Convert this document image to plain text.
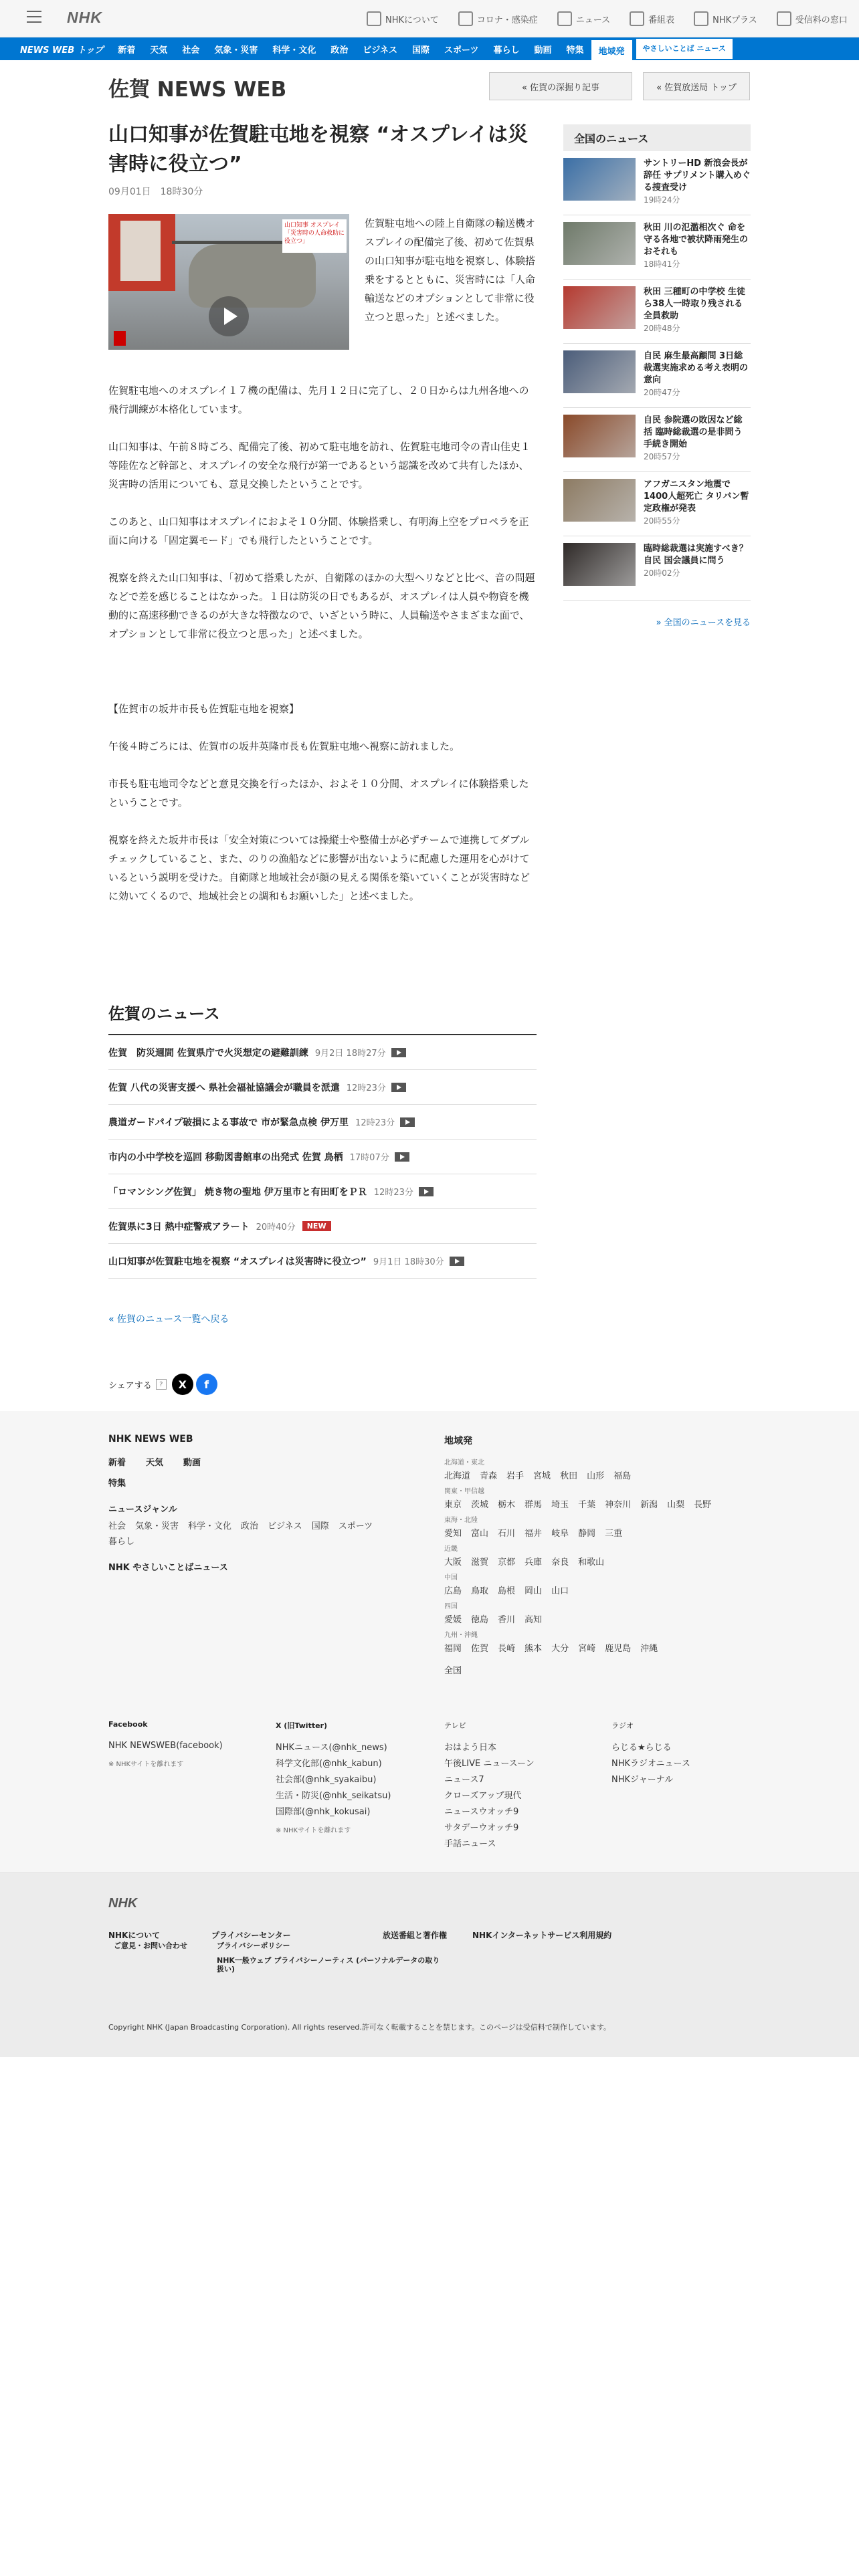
NHK	NHKについて	コロナ・感染症	ニュース	番組表	NHKプラス	受信料の窓口
NEWS WEB トップ	新着	天気	社会	気象・災害	科学・文化	政治	ビジネス	国際	スポーツ	暮らし	動画	特集	地域発	やさしいことば ニュース
佐賀 NEWS WEB	« 佐賀の深掘り記事	« 佐賀放送局 トップ
山口知事が佐賀駐屯地を視察 “オスプレイは災害時に役立つ”
09月01日　18時30分
山口知事 オスプレイ 「災害時の人命救助に役立つ」
佐賀駐屯地への陸上自衛隊の輸送機オスプレイの配備完了後、初めて佐賀県の山口知事が駐屯地を視察し、体験搭乗をするとともに、災害時には「人命輸送などのオプションとして非常に役立つと思った」と述べました。

佐賀駐屯地へのオスプレイ１７機の配備は、先月１２日に完了し、２０日からは九州各地への飛行訓練が本格化しています。

山口知事は、午前８時ごろ、配備完了後、初めて駐屯地を訪れ、佐賀駐屯地司令の青山佳史１等陸佐など幹部と、オスプレイの安全な飛行が第一であるという認識を改めて共有したほか、災害時の活用についても、意見交換したということです。

このあと、山口知事はオスプレイにおよそ１０分間、体験搭乗し、有明海上空をプロペラを正面に向ける「固定翼モード」でも飛行したということです。

視察を終えた山口知事は、「初めて搭乗したが、自衛隊のほかの大型ヘリなどと比べ、音の問題などで差を感じることはなかった。１日は防災の日でもあるが、オスプレイは人員や物資を機動的に高速移動できるのが大きな特徴なので、いざという時に、人員輸送やさまざまな面で、オプションとして非常に役立つと思った」と述べました。

【佐賀市の坂井市長も佐賀駐屯地を視察】

午後４時ごろには、佐賀市の坂井英隆市長も佐賀駐屯地へ視察に訪れました。

市長も駐屯地司令などと意見交換を行ったほか、およそ１０分間、オスプレイに体験搭乗したということです。

視察を終えた坂井市長は「安全対策については操縦士や整備士が必ずチームで連携してダブルチェックしていること、また、のりの漁船などに影響が出ないように配慮した運用を心がけているという説明を受けた。自衛隊と地域社会が顔の見える関係を築いていくことが災害時などに効いてくるので、地域社会との調和もお願いした」と述べました。

佐賀のニュース
佐賀　防災週間 佐賀県庁で火災想定の避難訓練 9月2日 18時27分
佐賀 八代の災害支援へ 県社会福祉協議会が職員を派遣 12時23分
農道ガードパイプ破損による事故で 市が緊急点検 伊万里 12時23分
市内の小中学校を巡回 移動図書館車の出発式 佐賀 鳥栖 17時07分
「ロマンシング佐賀」 焼き物の聖地 伊万里市と有田町をＰＲ 12時23分
佐賀県に3日 熱中症警戒アラート 20時40分	NEW
山口知事が佐賀駐屯地を視察 “オスプレイは災害時に役立つ” 9月1日 18時30分
« 佐賀のニュース一覧へ戻る
シェアする	?	X	f
全国のニュース
サントリーHD 新浪会長が辞任 サプリメント購入めぐる捜査受け
19時24分
秋田 川の氾濫相次ぐ 命を守る各地で被状降雨発生のおそれも
18時41分
秋田 三種町の中学校 生徒ら38人一時取り残される 全員救助
20時48分
自民 麻生最高顧問 3日総裁選実施求める考え表明の意向
20時47分
自民 参院選の敗因など総括 臨時総裁選の是非問う手続き開始
20時57分
アフガニスタン地震で1400人超死亡 タリバン暫定政権が発表
20時55分
臨時総裁選は実施すべき？ 自民 国会議員に問う
20時02分
» 全国のニュースを見る
NHK NEWS WEB
新着 天気 動画
特集
ニュースジャンル
社会 気象・災害 科学・文化 政治 ビジネス 国際 スポーツ
暮らし
NHK やさしいことばニュース
地域発
北海道・東北
北海道 青森 岩手 宮城 秋田 山形 福島
関東・甲信越
東京 茨城 栃木 群馬 埼玉 千葉 神奈川 新潟 山梨 長野
東海・北陸
愛知 富山 石川 福井 岐阜 静岡 三重
近畿
大阪 滋賀 京都 兵庫 奈良 和歌山
中国
広島 鳥取 島根 岡山 山口
四国
愛媛 徳島 香川 高知
九州・沖縄
福岡 佐賀 長崎 熊本 大分 宮崎 鹿児島 沖縄
全国
Facebook
NHK NEWSWEB(facebook)
※ NHKサイトを離れます
X (旧Twitter)
NHKニュース(@nhk_news)
科学文化部(@nhk_kabun)
社会部(@nhk_syakaibu)
生活・防災(@nhk_seikatsu)
国際部(@nhk_kokusai)
※ NHKサイトを離れます
テレビ
おはよう日本
午後LIVE ニュースーン
ニュース7
クローズアップ現代
ニュースウオッチ9
サタデーウオッチ9
手話ニュース
ラジオ
らじる★らじる
NHKラジオニュース
NHKジャーナル
NHK
NHKについて	プライバシーセンター	放送番組と著作権	NHKインターネットサービス利用規約
ご意見・お問い合わせ	プライバシーポリシー
NHK一般ウェブ プライバシーノーティス (パーソナルデータの取り扱い)
Copyright NHK (Japan Broadcasting Corporation). All rights reserved.許可なく転載することを禁じます。このページは受信料で制作しています。
